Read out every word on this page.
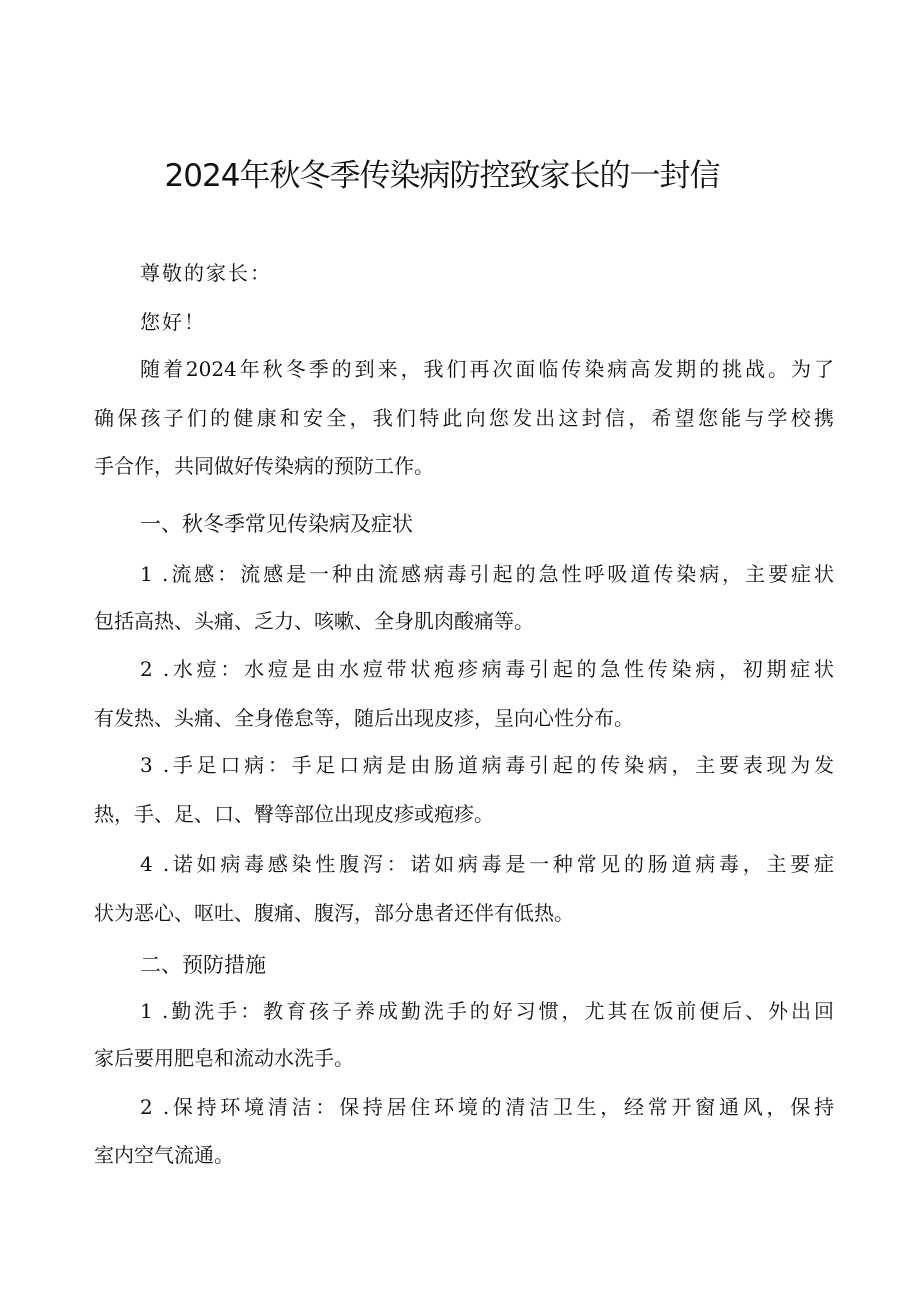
2024年秋冬季传染病防控致家长的一封信
尊敬的家长：
您好！
随着2024年秋冬季的到来，我们再次面临传染病高发期的挑战。为了
确保孩子们的健康和安全，我们特此向您发出这封信，希望您能与学校携
手合作，共同做好传染病的预防工作。
一、秋冬季常见传染病及症状
1 .流感：流感是一种由流感病毒引起的急性呼吸道传染病，主要症状
包括高热、头痛、乏力、咳嗽、全身肌肉酸痛等。
2 .水痘：水痘是由水痘带状疱疹病毒引起的急性传染病，初期症状
有发热、头痛、全身倦怠等，随后出现皮疹，呈向心性分布。
3 .手足口病：手足口病是由肠道病毒引起的传染病，主要表现为发
热，手、足、口、臀等部位出现皮疹或疱疹。
4 .诺如病毒感染性腹泻：诺如病毒是一种常见的肠道病毒，主要症
状为恶心、呕吐、腹痛、腹泻，部分患者还伴有低热。
二、预防措施
1 .勤洗手：教育孩子养成勤洗手的好习惯，尤其在饭前便后、外出回
家后要用肥皂和流动水洗手。
2 .保持环境清洁：保持居住环境的清洁卫生，经常开窗通风，保持
室内空气流通。
